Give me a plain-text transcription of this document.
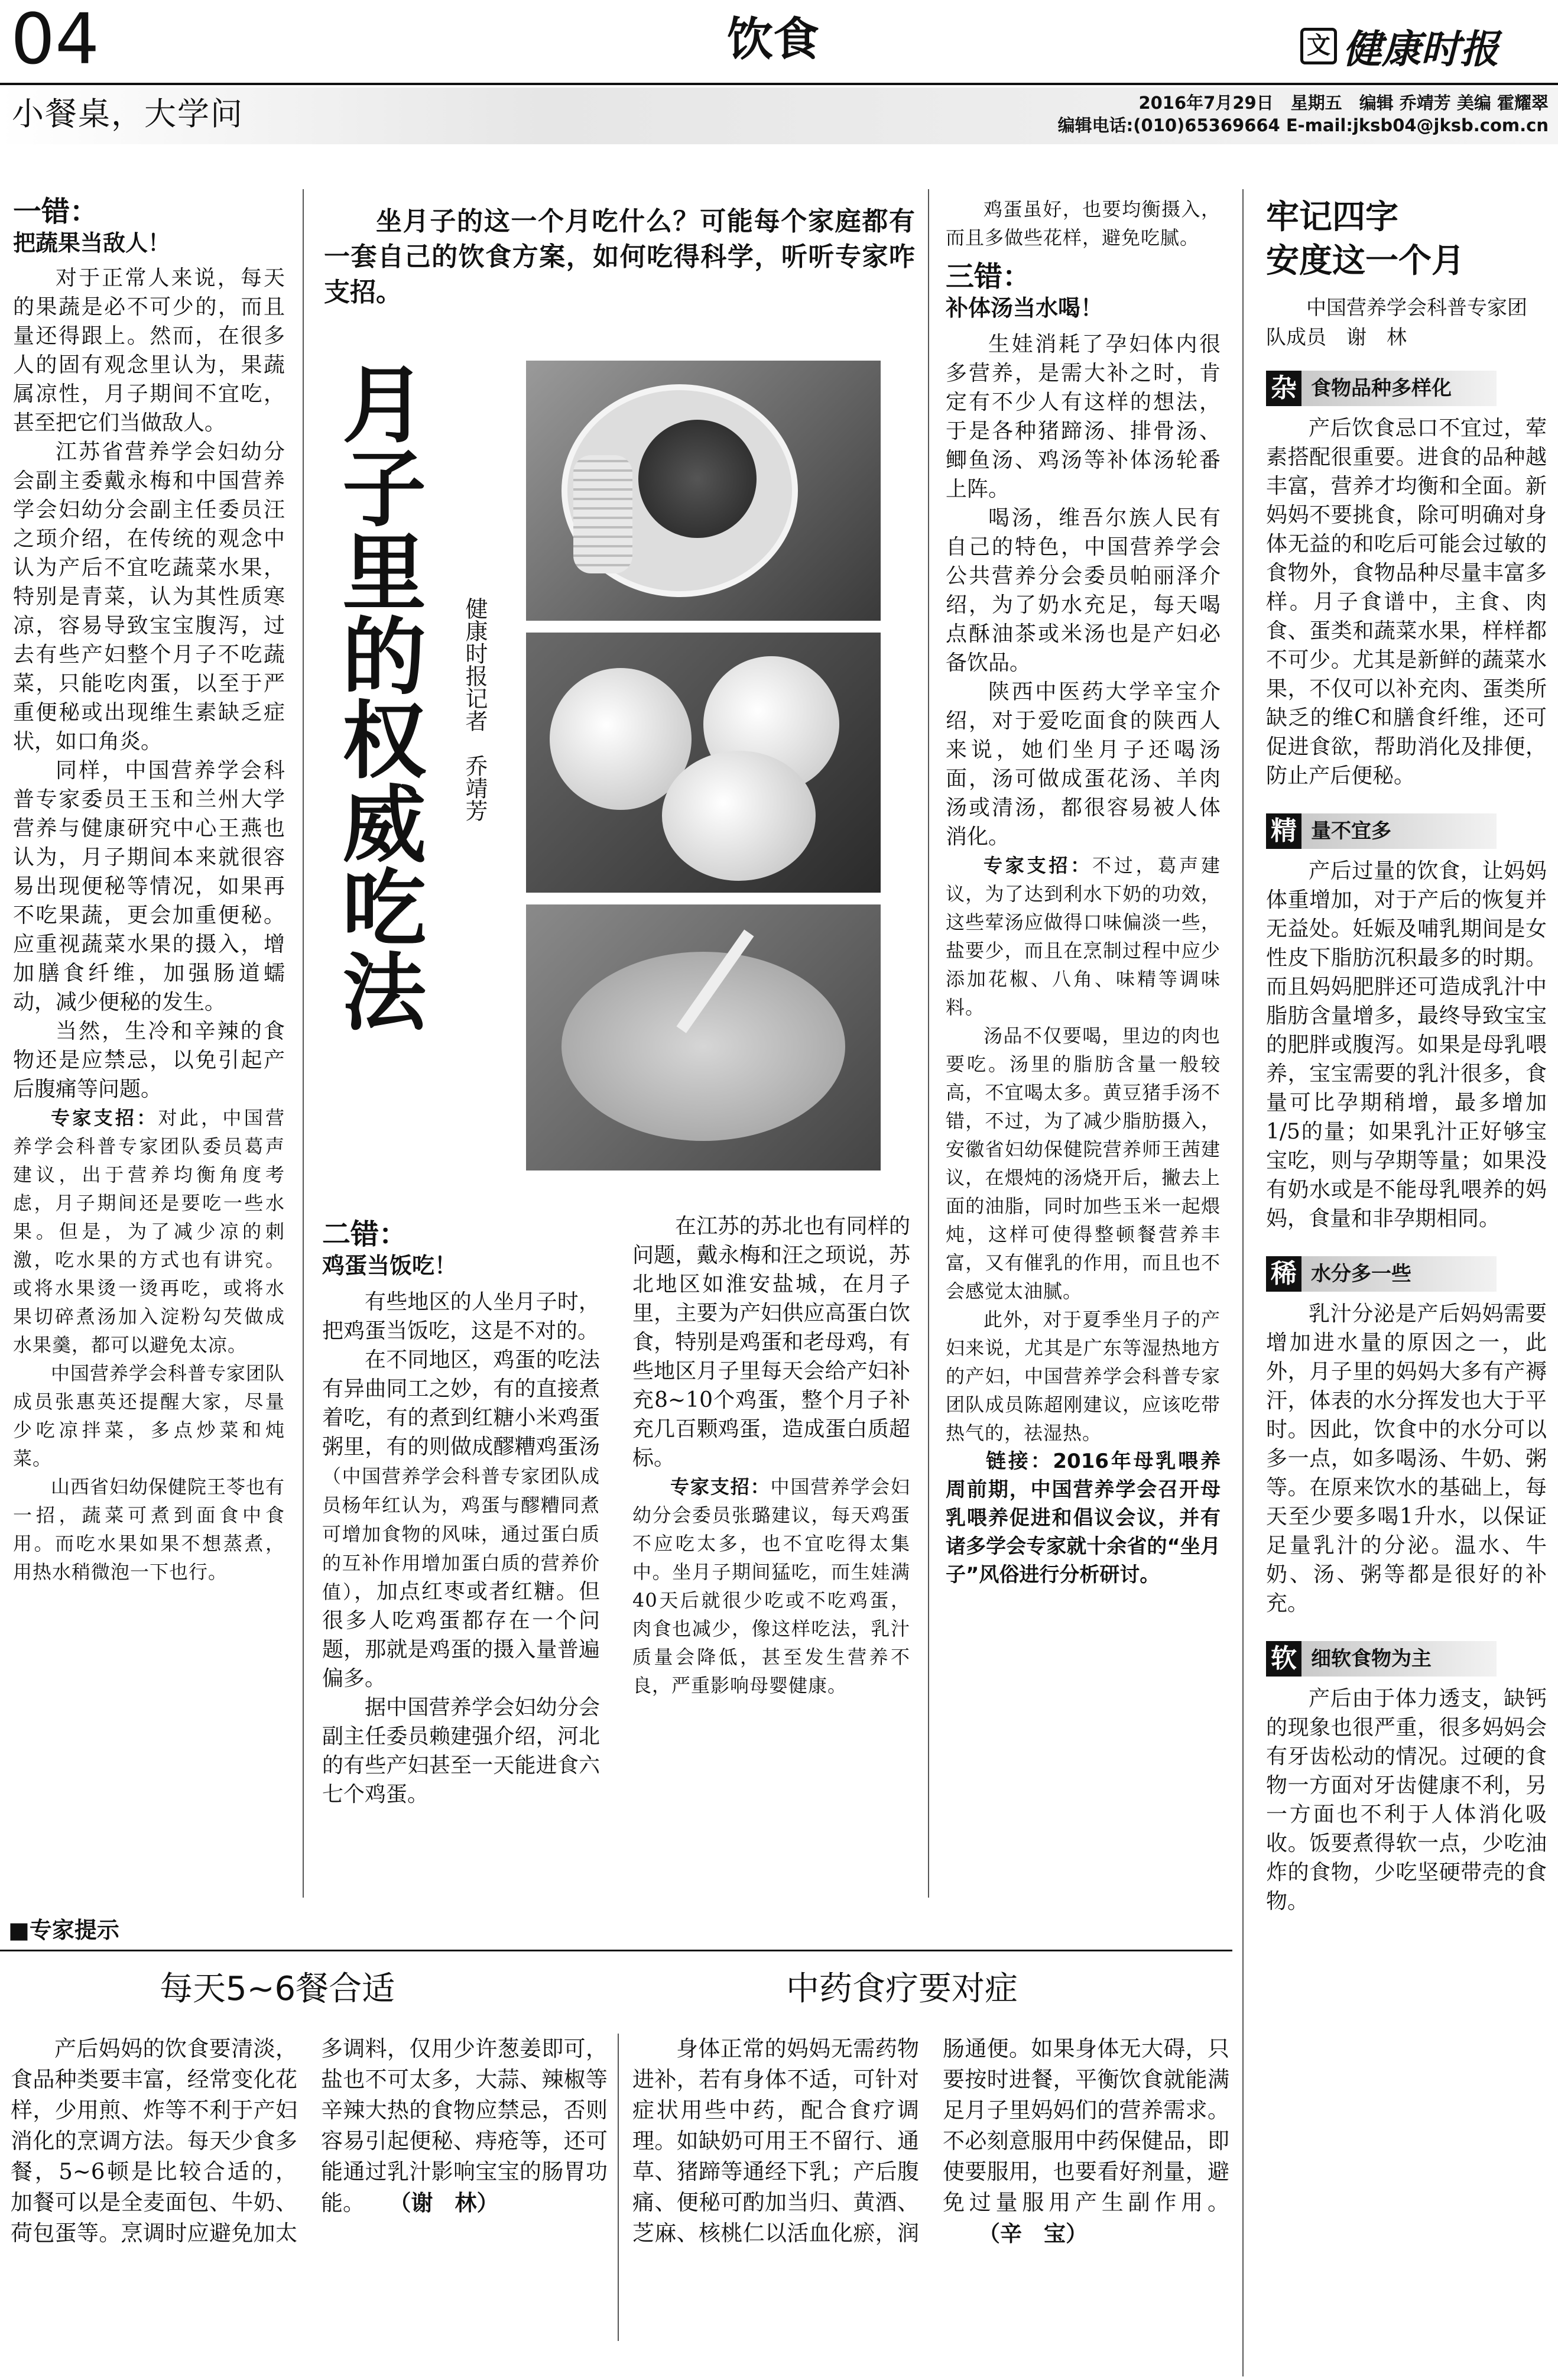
04	饮食	文 健康时报
小餐桌，大学问	2016年7月29日　星期五　编辑 乔靖芳 美编 霍耀翠
编辑电话:(010)65369664 E-mail:jksb04@jksb.com.cn
一错：
把蔬果当敌人！

对于正常人来说，每天的果蔬是必不可少的，而且量还得跟上。然而，在很多人的固有观念里认为，果蔬属凉性，月子期间不宜吃，甚至把它们当做敌人。

江苏省营养学会妇幼分会副主委戴永梅和中国营养学会妇幼分会副主任委员汪之顼介绍，在传统的观念中认为产后不宜吃蔬菜水果，特别是青菜，认为其性质寒凉，容易导致宝宝腹泻，过去有些产妇整个月子不吃蔬菜，只能吃肉蛋，以至于严重便秘或出现维生素缺乏症状，如口角炎。

同样，中国营养学会科普专家委员王玉和兰州大学营养与健康研究中心王燕也认为，月子期间本来就很容易出现便秘等情况，如果再不吃果蔬，更会加重便秘。应重视蔬菜水果的摄入，增加膳食纤维，加强肠道蠕动，减少便秘的发生。

当然，生冷和辛辣的食物还是应禁忌，以免引起产后腹痛等问题。

专家支招：对此，中国营养学会科普专家团队委员葛声建议，出于营养均衡角度考虑，月子期间还是要吃一些水果。但是，为了减少凉的刺激，吃水果的方式也有讲究。或将水果烫一烫再吃，或将水果切碎煮汤加入淀粉勾芡做成水果羹，都可以避免太凉。

中国营养学会科普专家团队成员张惠英还提醒大家，尽量少吃凉拌菜，多点炒菜和炖菜。

山西省妇幼保健院王苓也有一招，蔬菜可煮到面食中食用。而吃水果如果不想蒸煮，用热水稍微泡一下也行。

坐月子的这一个月吃什么？可能每个家庭都有一套自己的饮食方案，如何吃得科学，听听专家咋支招。
月子里的权威吃法	健康时报记者　乔靖芳
二错：
鸡蛋当饭吃！

有些地区的人坐月子时，把鸡蛋当饭吃，这是不对的。

在不同地区，鸡蛋的吃法有异曲同工之妙，有的直接煮着吃，有的煮到红糖小米鸡蛋粥里，有的则做成醪糟鸡蛋汤（中国营养学会科普专家团队成员杨年红认为，鸡蛋与醪糟同煮可增加食物的风味，通过蛋白质的互补作用增加蛋白质的营养价值），加点红枣或者红糖。但很多人吃鸡蛋都存在一个问题，那就是鸡蛋的摄入量普遍偏多。

据中国营养学会妇幼分会副主任委员赖建强介绍，河北的有些产妇甚至一天能进食六七个鸡蛋。

在江苏的苏北也有同样的问题，戴永梅和汪之顼说，苏北地区如淮安盐城，在月子里，主要为产妇供应高蛋白饮食，特别是鸡蛋和老母鸡，有些地区月子里每天会给产妇补充8~10个鸡蛋，整个月子补充几百颗鸡蛋，造成蛋白质超标。

专家支招：中国营养学会妇幼分会委员张璐建议，每天鸡蛋不应吃太多，也不宜吃得太集中。坐月子期间猛吃，而生娃满40天后就很少吃或不吃鸡蛋，肉食也减少，像这样吃法，乳汁质量会降低，甚至发生营养不良，严重影响母婴健康。

鸡蛋虽好，也要均衡摄入，而且多做些花样，避免吃腻。

三错：
补体汤当水喝！

生娃消耗了孕妇体内很多营养，是需大补之时，肯定有不少人有这样的想法，于是各种猪蹄汤、排骨汤、鲫鱼汤、鸡汤等补体汤轮番上阵。

喝汤，维吾尔族人民有自己的特色，中国营养学会公共营养分会委员帕丽泽介绍，为了奶水充足，每天喝点酥油茶或米汤也是产妇必备饮品。

陕西中医药大学辛宝介绍，对于爱吃面食的陕西人来说，她们坐月子还喝汤面，汤可做成蛋花汤、羊肉汤或清汤，都很容易被人体消化。

专家支招：不过，葛声建议，为了达到利水下奶的功效，这些荤汤应做得口味偏淡一些，盐要少，而且在烹制过程中应少添加花椒、八角、味精等调味料。

汤品不仅要喝，里边的肉也要吃。汤里的脂肪含量一般较高，不宜喝太多。黄豆猪手汤不错，不过，为了减少脂肪摄入，安徽省妇幼保健院营养师王茜建议，在煨炖的汤烧开后，撇去上面的油脂，同时加些玉米一起煨炖，这样可使得整顿餐营养丰富，又有催乳的作用，而且也不会感觉太油腻。

此外，对于夏季坐月子的产妇来说，尤其是广东等湿热地方的产妇，中国营养学会科普专家团队成员陈超刚建议，应该吃带热气的，祛湿热。

链接：2016年母乳喂养周前期，中国营养学会召开母乳喂养促进和倡议会议，并有诸多学会专家就十余省的“坐月子”风俗进行分析研讨。
牢记四字
安度这一个月
中国营养学会科普专家团队成员　谢　林
杂 食物品种多样化
产后饮食忌口不宜过，荤素搭配很重要。进食的品种越丰富，营养才均衡和全面。新妈妈不要挑食，除可明确对身体无益的和吃后可能会过敏的食物外，食物品种尽量丰富多样。月子食谱中，主食、肉食、蛋类和蔬菜水果，样样都不可少。尤其是新鲜的蔬菜水果，不仅可以补充肉、蛋类所缺乏的维C和膳食纤维，还可促进食欲，帮助消化及排便，防止产后便秘。
精 量不宜多
产后过量的饮食，让妈妈体重增加，对于产后的恢复并无益处。妊娠及哺乳期间是女性皮下脂肪沉积最多的时期。而且妈妈肥胖还可造成乳汁中脂肪含量增多，最终导致宝宝的肥胖或腹泻。如果是母乳喂养，宝宝需要的乳汁很多，食量可比孕期稍增，最多增加1/5的量；如果乳汁正好够宝宝吃，则与孕期等量；如果没有奶水或是不能母乳喂养的妈妈，食量和非孕期相同。
稀 水分多一些
乳汁分泌是产后妈妈需要增加进水量的原因之一，此外，月子里的妈妈大多有产褥汗，体表的水分挥发也大于平时。因此，饮食中的水分可以多一点，如多喝汤、牛奶、粥等。在原来饮水的基础上，每天至少要多喝1升水，以保证足量乳汁的分泌。温水、牛奶、汤、粥等都是很好的补充。
软 细软食物为主
产后由于体力透支，缺钙的现象也很严重，很多妈妈会有牙齿松动的情况。过硬的食物一方面对牙齿健康不利，另一方面也不利于人体消化吸收。饭要煮得软一点，少吃油炸的食物，少吃坚硬带壳的食物。
■专家提示
每天5~6餐合适	中药食疗要对症
产后妈妈的饮食要清淡，食品种类要丰富，经常变化花样，少用煎、炸等不利于产妇消化的烹调方法。每天少食多餐，5~6顿是比较合适的，加餐可以是全麦面包、牛奶、荷包蛋等。烹调时应避免加太多调料，仅用少许葱姜即可，盐也不可太多，大蒜、辣椒等辛辣大热的食物应禁忌，否则容易引起便秘、痔疮等，还可能通过乳汁影响宝宝的肠胃功能。 （谢　林）
身体正常的妈妈无需药物进补，若有身体不适，可针对症状用些中药，配合食疗调理。如缺奶可用王不留行、通草、猪蹄等通经下乳；产后腹痛、便秘可酌加当归、黄酒、芝麻、核桃仁以活血化瘀，润肠通便。如果身体无大碍，只要按时进餐，平衡饮食就能满足月子里妈妈们的营养需求。不必刻意服用中药保健品，即使要服用，也要看好剂量，避免过量服用产生副作用。（辛　宝）
